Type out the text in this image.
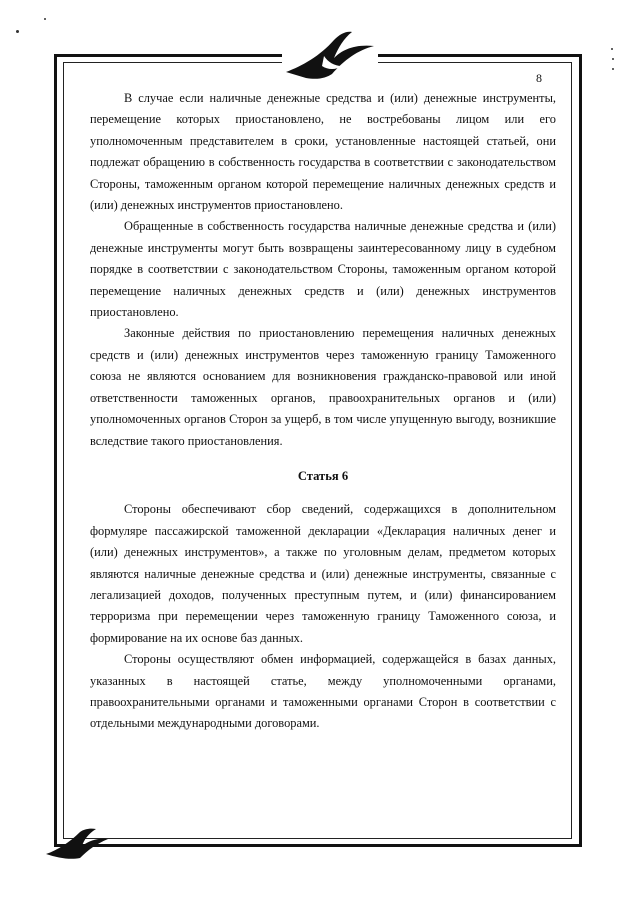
8

В случае если наличные денежные средства и (или) денежные инструменты, перемещение которых приостановлено, не востребованы лицом или его уполномоченным представителем в сроки, установленные настоящей статьей, они подлежат обращению в собственность государства в соответствии с законодательством Стороны, таможенным органом которой перемещение наличных денежных средств и (или) денежных инструментов приостановлено.

Обращенные в собственность государства наличные денежные средства и (или) денежные инструменты могут быть возвращены заинтересованному лицу в судебном порядке в соответствии с законодательством Стороны, таможенным органом которой перемещение наличных денежных средств и (или) денежных инструментов приостановлено.

Законные действия по приостановлению перемещения наличных денежных средств и (или) денежных инструментов через таможенную границу Таможенного союза не являются основанием для возникновения гражданско-правовой или иной ответственности таможенных органов, правоохранительных органов и (или) уполномоченных органов Сторон за ущерб, в том числе упущенную выгоду, возникшие вследствие такого приостановления.

Статья 6

Стороны обеспечивают сбор сведений, содержащихся в дополнительном формуляре пассажирской таможенной декларации «Декларация наличных денег и (или) денежных инструментов», а также по уголовным делам, предметом которых являются наличные денежные средства и (или) денежные инструменты, связанные с легализацией доходов, полученных преступным путем, и (или) финансированием терроризма при перемещении через таможенную границу Таможенного союза, и формирование на их основе баз данных.

Стороны осуществляют обмен информацией, содержащейся в базах данных, указанных в настоящей статье, между уполномоченными органами, правоохранительными органами и таможенными органами Сторон в соответствии с отдельными международными договорами.
